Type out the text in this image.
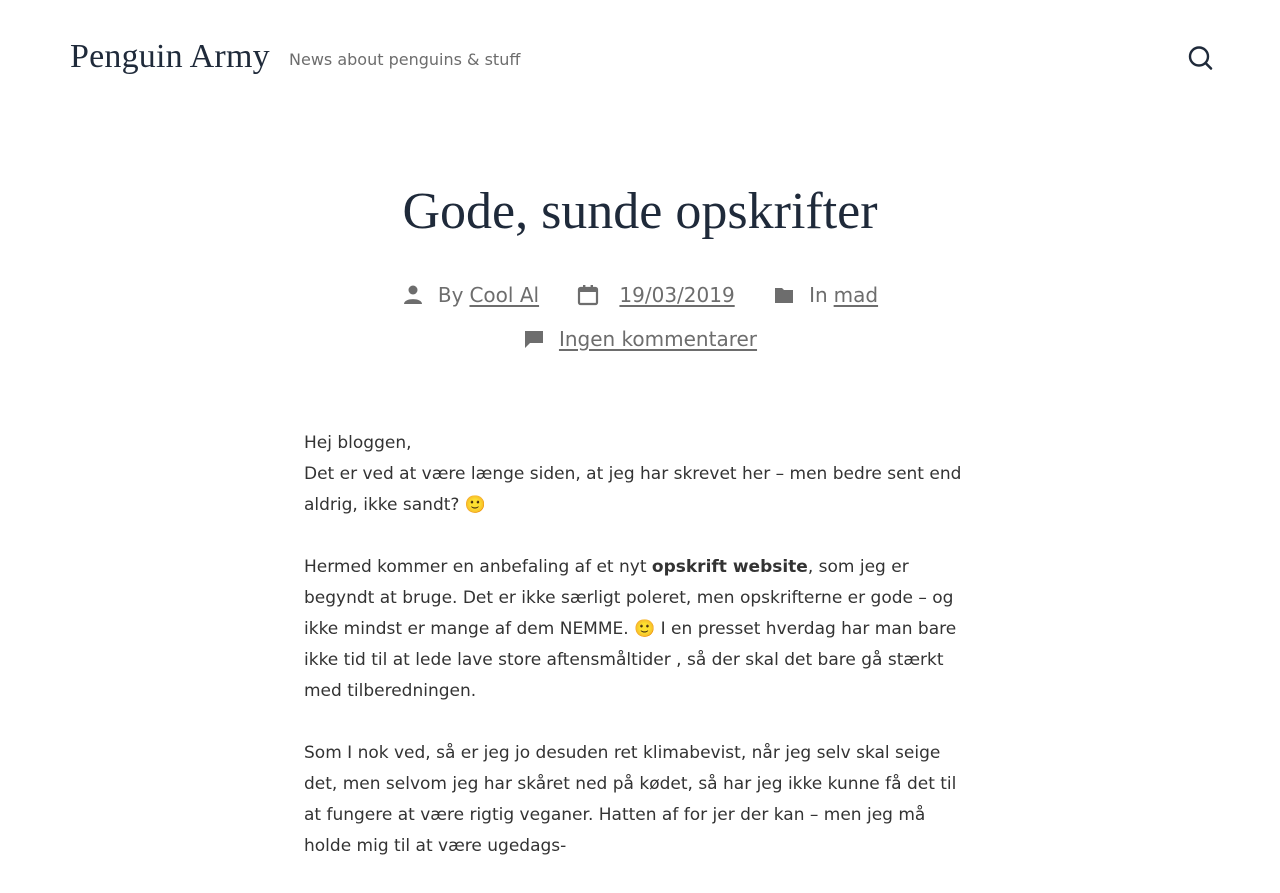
Penguin Army News about penguins & stuff
Gode, sunde opskrifter
By Cool Al
	19/03/2019
	In mad
Ingen kommentarer

Hej bloggen,
Det er ved at være længe siden, at jeg har skrevet her – men bedre sent end aldrig, ikke sandt? 🙂

Hermed kommer en anbefaling af et nyt opskrift website, som jeg er begyndt at bruge. Det er ikke særligt poleret, men opskrifterne er gode – og ikke mindst er mange af dem NEMME. 🙂 I en presset hverdag har man bare ikke tid til at lede lave store aftensmåltider , så der skal det bare gå stærkt med tilberedningen.

Som I nok ved, så er jeg jo desuden ret klimabevist, når jeg selv skal seige det, men selvom jeg har skåret ned på kødet, så har jeg ikke kunne få det til at fungere at være rigtig veganer. Hatten af for jer der kan – men jeg må holde mig til at være ugedags-
